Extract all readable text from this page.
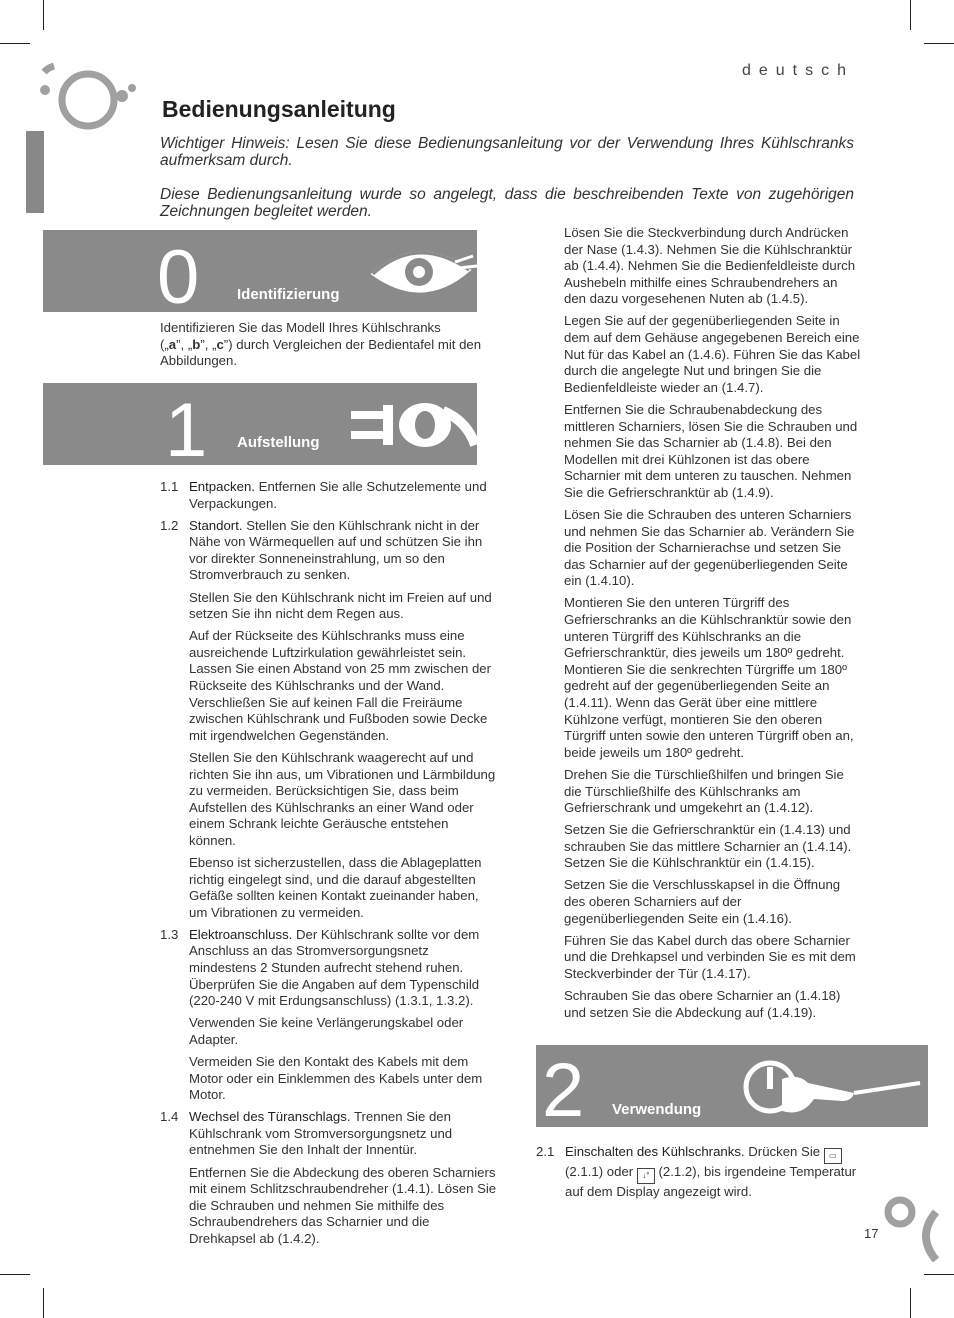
deutsch
Bedienungsanleitung

Wichtiger Hinweis: Lesen Sie diese Bedienungsanleitung vor der Verwendung Ihres Kühlschranks aufmerksam durch.

Diese Bedienungsanleitung wurde so angelegt, dass die beschreibenden Texte von zugehörigen Zeichnungen begleitet werden.

0	Identifizierung
Identifizieren Sie das Modell Ihres Kühlschranks
(„a”, „b”, „c”) durch Vergleichen der Bedientafel mit den Abbildungen.
1 Aufstellung

1.1 Entpacken. Entfernen Sie alle Schutzelemente und Verpackungen.

1.2 Standort. Stellen Sie den Kühlschrank nicht in der Nähe von Wärmequellen auf und schützen Sie ihn vor direkter Sonneneinstrahlung, um so den Stromverbrauch zu senken.

Stellen Sie den Kühlschrank nicht im Freien auf und setzen Sie ihn nicht dem Regen aus.

Auf der Rückseite des Kühlschranks muss eine ausreichende Luftzirkulation gewährleistet sein. Lassen Sie einen Abstand von 25 mm zwischen der Rückseite des Kühlschranks und der Wand. Verschließen Sie auf keinen Fall die Freiräume zwischen Kühlschrank und Fußboden sowie Decke mit irgendwelchen Gegenständen.

Stellen Sie den Kühlschrank waagerecht auf und richten Sie ihn aus, um Vibrationen und Lärmbildung zu vermeiden. Berücksichtigen Sie, dass beim Aufstellen des Kühlschranks an einer Wand oder einem Schrank leichte Geräusche entstehen können.

Ebenso ist sicherzustellen, dass die Ablageplatten richtig eingelegt sind, und die darauf abgestellten Gefäße sollten keinen Kontakt zueinander haben, um Vibrationen zu vermeiden.

1.3 Elektroanschluss. Der Kühlschrank sollte vor dem Anschluss an das Stromversorgungsnetz mindestens 2 Stunden aufrecht stehend ruhen. Überprüfen Sie die Angaben auf dem Typenschild (220-240 V mit Erdungsanschluss) (1.3.1, 1.3.2).

Verwenden Sie keine Verlängerungskabel oder Adapter.

Vermeiden Sie den Kontakt des Kabels mit dem Motor oder ein Einklemmen des Kabels unter dem Motor.

1.4 Wechsel des Türanschlags. Trennen Sie den Kühlschrank vom Stromversorgungsnetz und entnehmen Sie den Inhalt der Innentür.

Entfernen Sie die Abdeckung des oberen Scharniers mit einem Schlitzschraubendreher (1.4.1). Lösen Sie die Schrauben und nehmen Sie mithilfe des Schraubendrehers das Scharnier und die Drehkapsel ab (1.4.2).

Lösen Sie die Steckverbindung durch Andrücken der Nase (1.4.3). Nehmen Sie die Kühlschranktür ab (1.4.4). Nehmen Sie die Bedienfeldleiste durch Aushebeln mithilfe eines Schraubendrehers an den dazu vorgesehenen Nuten ab (1.4.5).

Legen Sie auf der gegenüberliegenden Seite in dem auf dem Gehäuse angegebenen Bereich eine Nut für das Kabel an (1.4.6). Führen Sie das Kabel durch die angelegte Nut und bringen Sie die Bedienfeldleiste wieder an (1.4.7).

Entfernen Sie die Schraubenabdeckung des mittleren Scharniers, lösen Sie die Schrauben und nehmen Sie das Scharnier ab (1.4.8). Bei den Modellen mit drei Kühlzonen ist das obere Scharnier mit dem unteren zu tauschen. Nehmen Sie die Gefrierschranktür ab (1.4.9).

Lösen Sie die Schrauben des unteren Scharniers und nehmen Sie das Scharnier ab. Verändern Sie die Position der Scharnierachse und setzen Sie das Scharnier auf der gegenüberliegenden Seite ein (1.4.10).

Montieren Sie den unteren Türgriff des Gefrierschranks an die Kühlschranktür sowie den unteren Türgriff des Kühlschranks an die Gefrierschranktür, dies jeweils um 180º gedreht. Montieren Sie die senkrechten Türgriffe um 180º gedreht auf der gegenüberliegenden Seite an (1.4.11). Wenn das Gerät über eine mittlere Kühlzone verfügt, montieren Sie den oberen Türgriff unten sowie den unteren Türgriff oben an, beide jeweils um 180º gedreht.

Drehen Sie die Türschließhilfen und bringen Sie die Türschließhilfe des Kühlschranks am Gefrierschrank und umgekehrt an (1.4.12).

Setzen Sie die Gefrierschranktür ein (1.4.13) und schrauben Sie das mittlere Scharnier an (1.4.14). Setzen Sie die Kühlschranktür ein (1.4.15).

Setzen Sie die Verschlusskapsel in die Öffnung des oberen Scharniers auf der gegenüberliegenden Seite ein (1.4.16).

Führen Sie das Kabel durch das obere Scharnier und die Drehkapsel und verbinden Sie es mit dem Steckverbinder der Tür (1.4.17).

Schrauben Sie das obere Scharnier an (1.4.18) und setzen Sie die Abdeckung auf (1.4.19).

2 Verwendung

2.1 Einschalten des Kühlschranks. Drücken Sie ▭ (2.1.1) oder ↓° (2.1.2), bis irgendeine Temperatur auf dem Display angezeigt wird.

17
